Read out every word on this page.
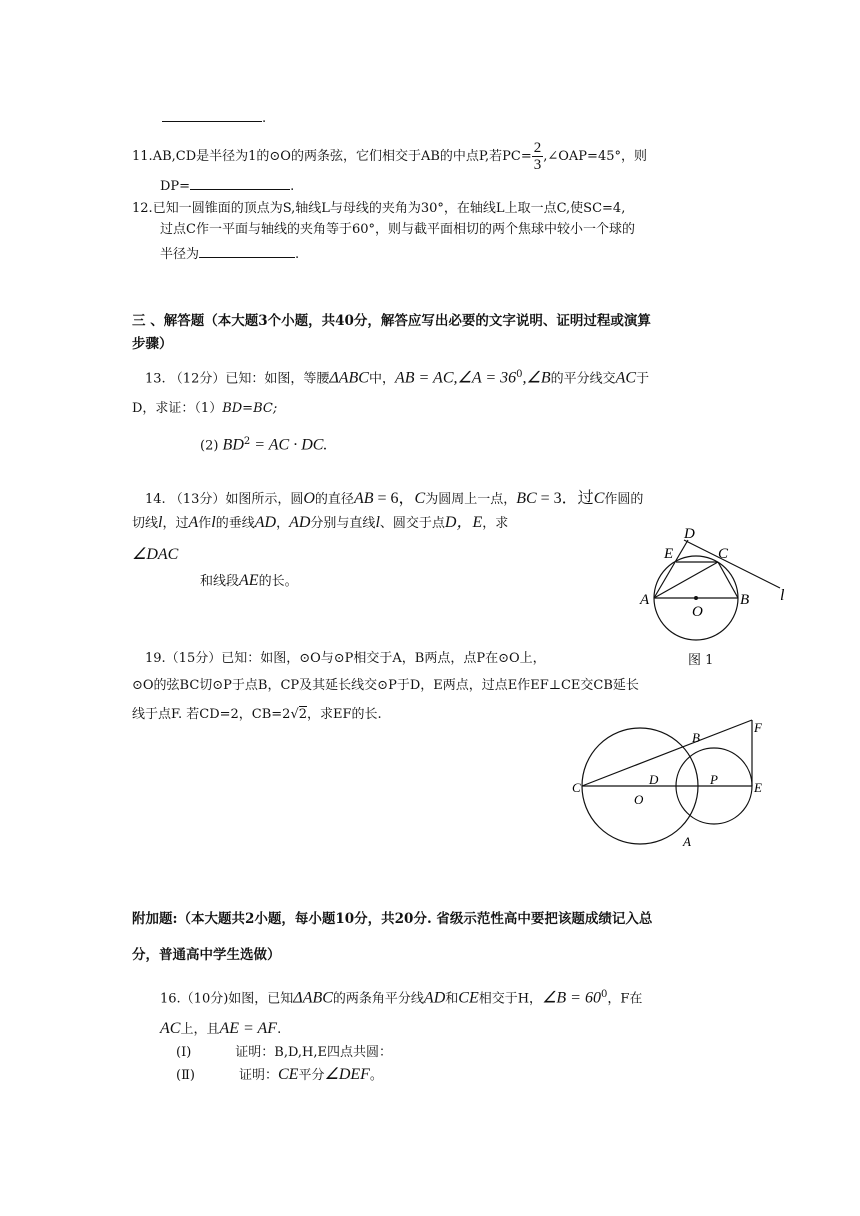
.
11.AB,CD是半径为1的⊙O的两条弦，它们相交于AB的中点P,若$PC= \frac{2}{3}$ ,∠OAP=45°，则
DP=	.
12.已知一圆锥面的顶点为S,轴线L与母线的夹角为30°，在轴线L上取一点C,使SC=4,
过点C作一平面与轴线的夹角等于60°，则与截平面相切的两个焦球中较小一个球的
半径为	.
三 、解答题（本大题3个小题，共40分，解答应写出必要的文字说明、证明过程或演算
步骤）
13. （12分）已知：如图，等腰ΔABC中，AB = AC,∠A = $36^0,\angle B$的平分线交AC于
D，求证：（1）BD=BC;
(2) $BD^2$ = AC · DC.
14. （13分）如图所示，圆O的直径AB = 6，C为圆周上一点，BC = 3．过C作圆的
切线l，过A作l的垂线AD，AD分别与直线l、圆交于点D，E，求
∠DAC
和线段AE的长。
D
E	C
A
O
B l
图 1
19.（15分）已知：如图，⊙O与⊙P相交于A，B两点，点P在⊙O上，
⊙O的弦BC切⊙P于点B，CP及其延长线交⊙P于D，E两点，过点E作EF⊥CE交CB延长
线于点F. 若CD=2，CB=2√2，求EF的长.
B
F
C
D
O
P
E
A
附加题:（本大题共2小题，每小题10分，共20分. 省级示范性高中要把该题成绩记入总
分，普通高中学生选做）
16.（10分)如图，已知ΔABC的两条角平分线AD和CE相交于H，∠B = $60^0$，F在
AC上，且AE = AF.
(Ⅰ)	证明：B,D,H,E四点共圆：
(Ⅱ)	证明：CE平分∠DEF。
